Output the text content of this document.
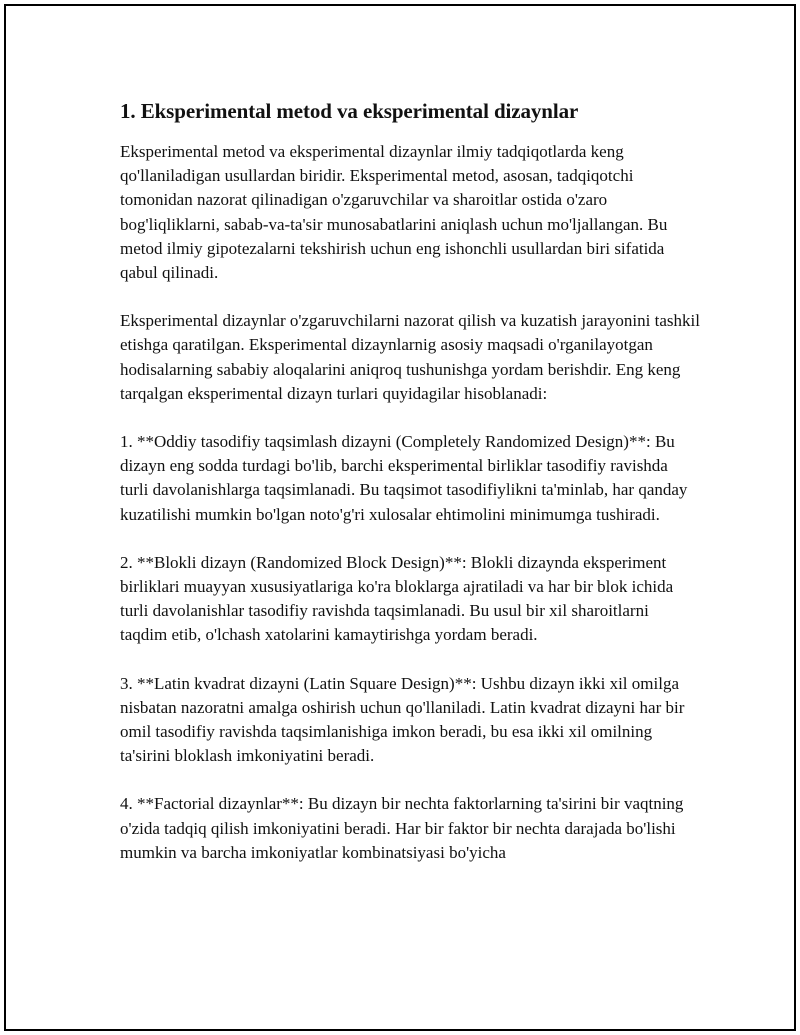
1. Eksperimental metod va eksperimental dizaynlar

Eksperimental metod va eksperimental dizaynlar ilmiy tadqiqotlarda keng qo'llaniladigan usullardan biridir. Eksperimental metod, asosan, tadqiqotchi tomonidan nazorat qilinadigan o'zgaruvchilar va sharoitlar ostida o'zaro bog'liqliklarni, sabab-va-ta'sir munosabatlarini aniqlash uchun mo'ljallangan. Bu metod ilmiy gipotezalarni tekshirish uchun eng ishonchli usullardan biri sifatida qabul qilinadi.

Eksperimental dizaynlar o'zgaruvchilarni nazorat qilish va kuzatish jarayonini tashkil etishga qaratilgan. Eksperimental dizaynlarnig asosiy maqsadi o'rganilayotgan hodisalarning sababiy aloqalarini aniqroq tushunishga yordam berishdir. Eng keng tarqalgan eksperimental dizayn turlari quyidagilar hisoblanadi:

1. **Oddiy tasodifiy taqsimlash dizayni (Completely Randomized Design)**: Bu dizayn eng sodda turdagi bo'lib, barchi eksperimental birliklar tasodifiy ravishda turli davolanishlarga taqsimlanadi. Bu taqsimot tasodifiylikni ta'minlab, har qanday kuzatilishi mumkin bo'lgan noto'g'ri xulosalar ehtimolini minimumga tushiradi.

2. **Blokli dizayn (Randomized Block Design)**: Blokli dizaynda eksperiment birliklari muayyan xususiyatlariga ko'ra bloklarga ajratiladi va har bir blok ichida turli davolanishlar tasodifiy ravishda taqsimlanadi. Bu usul bir xil sharoitlarni taqdim etib, o'lchash xatolarini kamaytirishga yordam beradi.

3. **Latin kvadrat dizayni (Latin Square Design)**: Ushbu dizayn ikki xil omilga nisbatan nazoratni amalga oshirish uchun qo'llaniladi. Latin kvadrat dizayni har bir omil tasodifiy ravishda taqsimlanishiga imkon beradi, bu esa ikki xil omilning ta'sirini bloklash imkoniyatini beradi.

4. **Factorial dizaynlar**: Bu dizayn bir nechta faktorlarning ta'sirini bir vaqtning o'zida tadqiq qilish imkoniyatini beradi. Har bir faktor bir nechta darajada bo'lishi mumkin va barcha imkoniyatlar kombinatsiyasi bo'yicha
